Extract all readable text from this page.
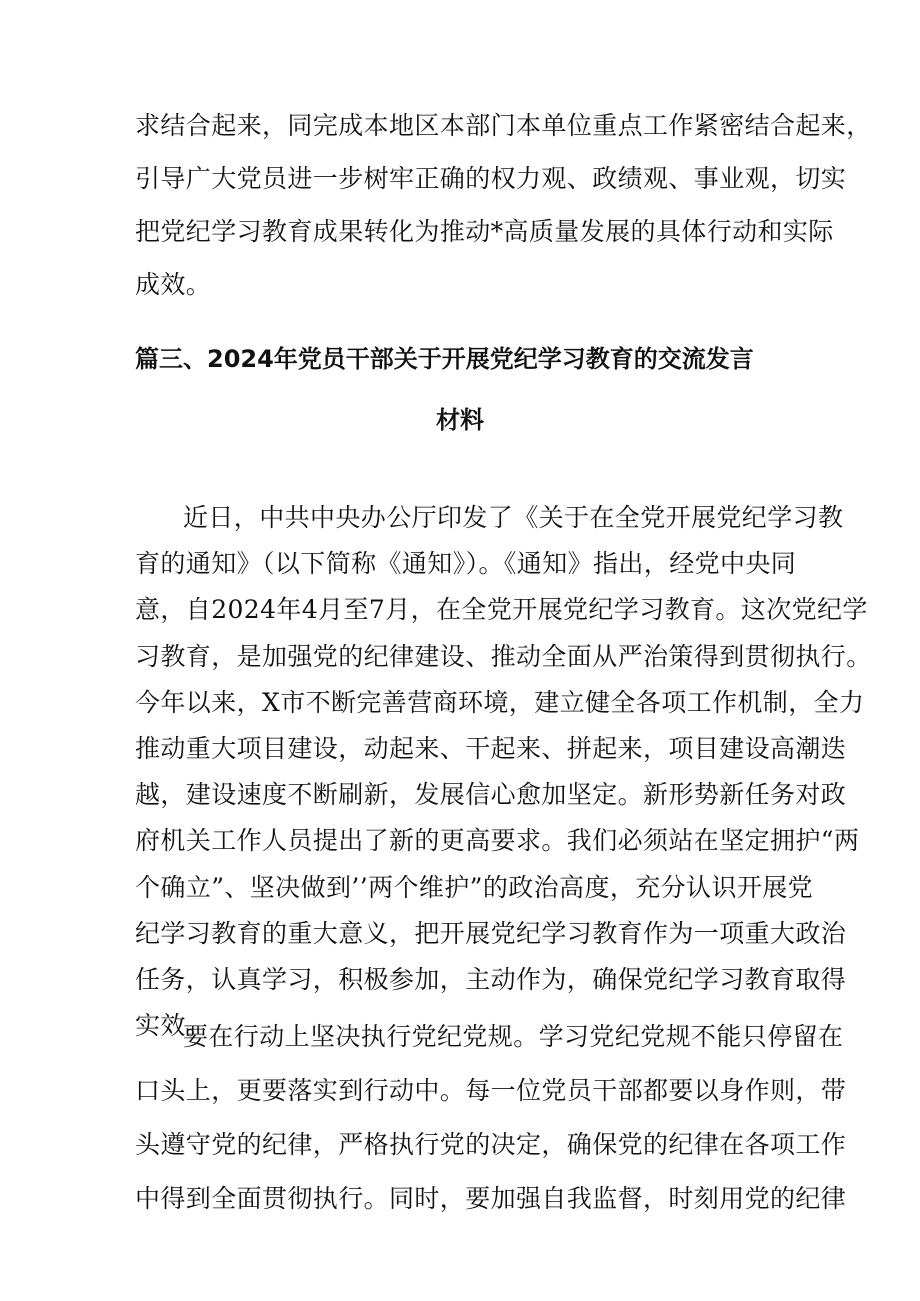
求结合起来，同完成本地区本部门本单位重点工作紧密结合起来，
引导广大党员进一步树牢正确的权力观、政绩观、事业观，切实
把党纪学习教育成果转化为推动*高质量发展的具体行动和实际
成效。
篇三、2024年党员干部关于开展党纪学习教育的交流发言
材料
近日，中共中央办公厅印发了《关于在全党开展党纪学习教
育的通知》（以下简称《通知》）。《通知》指出，经党中央同
意，自2024年4月至7月，在全党开展党纪学习教育。这次党纪学
习教育，是加强党的纪律建设、推动全面从严治策得到贯彻执行。
今年以来，X市不断完善营商环境，建立健全各项工作机制，全力
推动重大项目建设，动起来、干起来、拼起来，项目建设高潮迭
越，建设速度不断刷新，发展信心愈加坚定。新形势新任务对政
府机关工作人员提出了新的更高要求。我们必须站在坚定拥护“两
个确立”、坚决做到’’两个维护”的政治高度，充分认识开展党
纪学习教育的重大意义，把开展党纪学习教育作为一项重大政治
任务，认真学习，积极参加，主动作为，确保党纪学习教育取得
实效。
要在行动上坚决执行党纪党规。学习党纪党规不能只停留在
口头上，更要落实到行动中。每一位党员干部都要以身作则，带
头遵守党的纪律，严格执行党的决定，确保党的纪律在各项工作
中得到全面贯彻执行。同时，要加强自我监督，时刻用党的纪律
